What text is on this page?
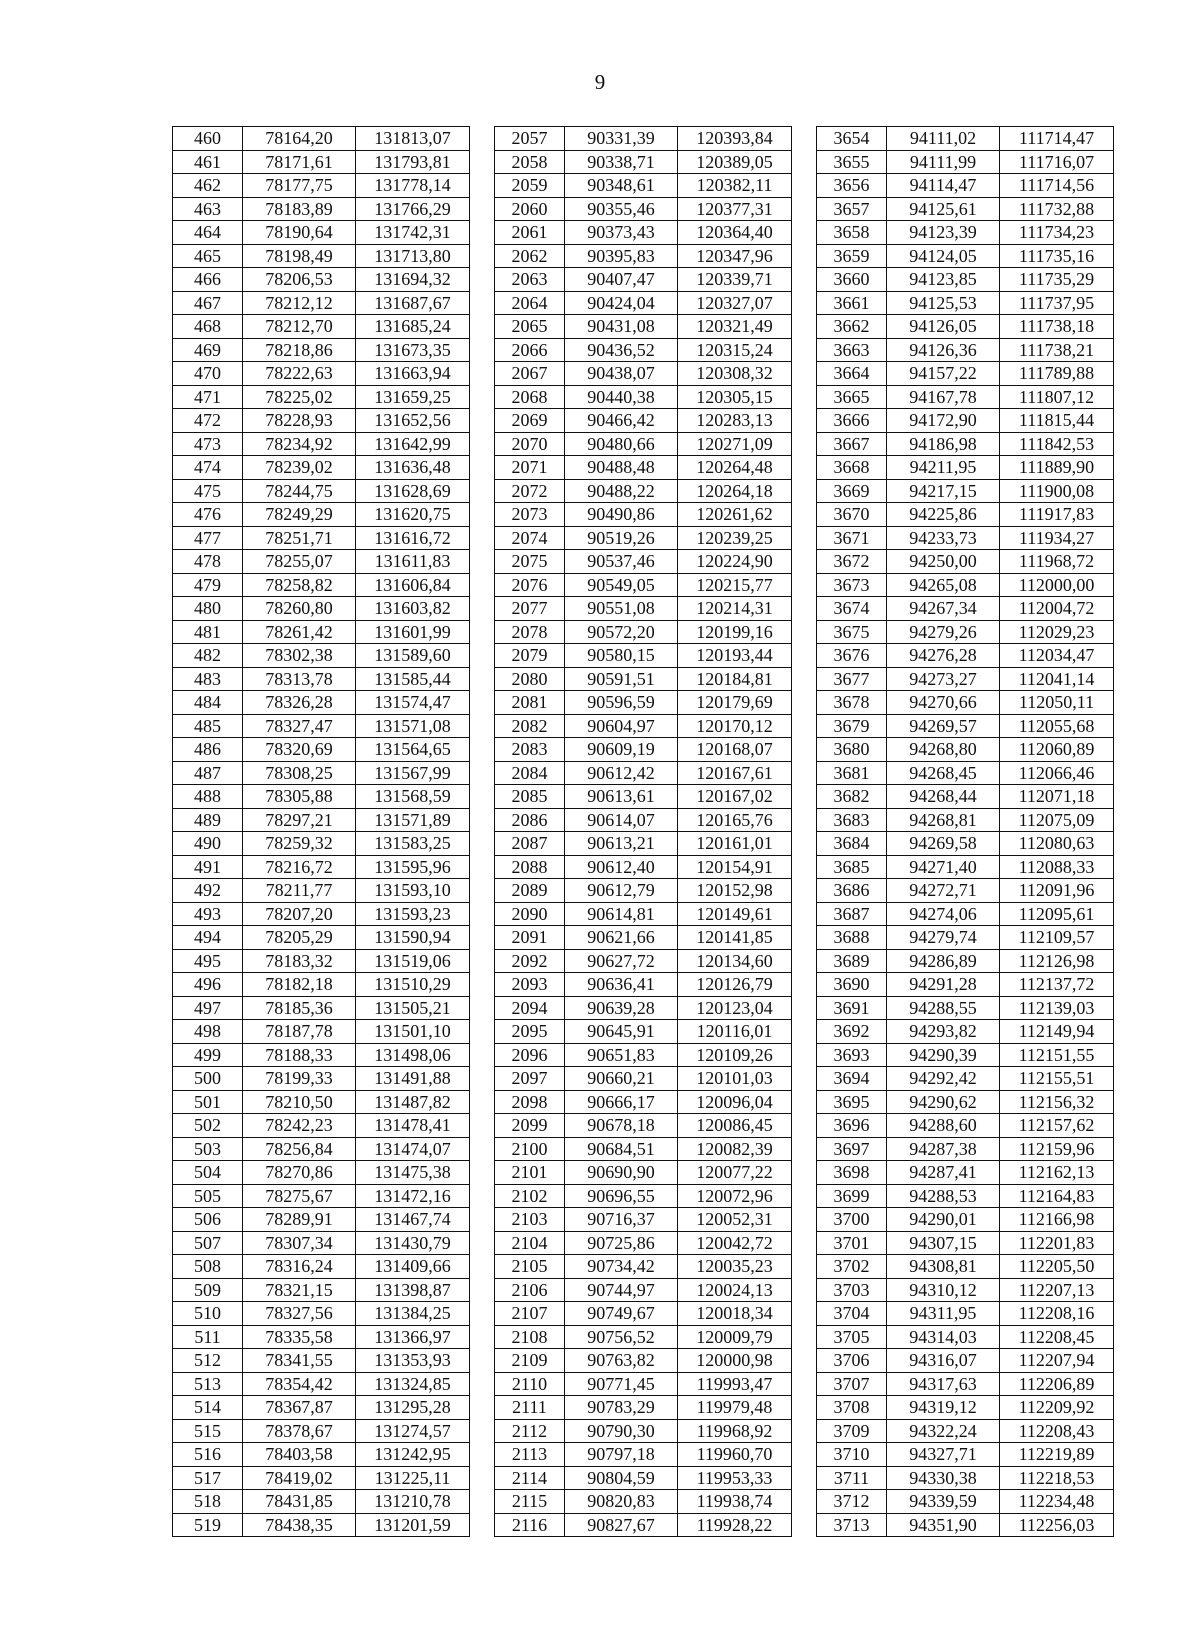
9
460	78164,20	131813,07		2057	90331,39	120393,84		3654	94111,02	111714,47
461	78171,61	131793,81		2058	90338,71	120389,05		3655	94111,99	111716,07
462	78177,75	131778,14		2059	90348,61	120382,11		3656	94114,47	111714,56
463	78183,89	131766,29		2060	90355,46	120377,31		3657	94125,61	111732,88
464	78190,64	131742,31		2061	90373,43	120364,40		3658	94123,39	111734,23
465	78198,49	131713,80		2062	90395,83	120347,96		3659	94124,05	111735,16
466	78206,53	131694,32		2063	90407,47	120339,71		3660	94123,85	111735,29
467	78212,12	131687,67		2064	90424,04	120327,07		3661	94125,53	111737,95
468	78212,70	131685,24		2065	90431,08	120321,49		3662	94126,05	111738,18
469	78218,86	131673,35		2066	90436,52	120315,24		3663	94126,36	111738,21
470	78222,63	131663,94		2067	90438,07	120308,32		3664	94157,22	111789,88
471	78225,02	131659,25		2068	90440,38	120305,15		3665	94167,78	111807,12
472	78228,93	131652,56		2069	90466,42	120283,13		3666	94172,90	111815,44
473	78234,92	131642,99		2070	90480,66	120271,09		3667	94186,98	111842,53
474	78239,02	131636,48		2071	90488,48	120264,48		3668	94211,95	111889,90
475	78244,75	131628,69		2072	90488,22	120264,18		3669	94217,15	111900,08
476	78249,29	131620,75		2073	90490,86	120261,62		3670	94225,86	111917,83
477	78251,71	131616,72		2074	90519,26	120239,25		3671	94233,73	111934,27
478	78255,07	131611,83		2075	90537,46	120224,90		3672	94250,00	111968,72
479	78258,82	131606,84		2076	90549,05	120215,77		3673	94265,08	112000,00
480	78260,80	131603,82		2077	90551,08	120214,31		3674	94267,34	112004,72
481	78261,42	131601,99		2078	90572,20	120199,16		3675	94279,26	112029,23
482	78302,38	131589,60		2079	90580,15	120193,44		3676	94276,28	112034,47
483	78313,78	131585,44		2080	90591,51	120184,81		3677	94273,27	112041,14
484	78326,28	131574,47		2081	90596,59	120179,69		3678	94270,66	112050,11
485	78327,47	131571,08		2082	90604,97	120170,12		3679	94269,57	112055,68
486	78320,69	131564,65		2083	90609,19	120168,07		3680	94268,80	112060,89
487	78308,25	131567,99		2084	90612,42	120167,61		3681	94268,45	112066,46
488	78305,88	131568,59		2085	90613,61	120167,02		3682	94268,44	112071,18
489	78297,21	131571,89		2086	90614,07	120165,76		3683	94268,81	112075,09
490	78259,32	131583,25		2087	90613,21	120161,01		3684	94269,58	112080,63
491	78216,72	131595,96		2088	90612,40	120154,91		3685	94271,40	112088,33
492	78211,77	131593,10		2089	90612,79	120152,98		3686	94272,71	112091,96
493	78207,20	131593,23		2090	90614,81	120149,61		3687	94274,06	112095,61
494	78205,29	131590,94		2091	90621,66	120141,85		3688	94279,74	112109,57
495	78183,32	131519,06		2092	90627,72	120134,60		3689	94286,89	112126,98
496	78182,18	131510,29		2093	90636,41	120126,79		3690	94291,28	112137,72
497	78185,36	131505,21		2094	90639,28	120123,04		3691	94288,55	112139,03
498	78187,78	131501,10		2095	90645,91	120116,01		3692	94293,82	112149,94
499	78188,33	131498,06		2096	90651,83	120109,26		3693	94290,39	112151,55
500	78199,33	131491,88		2097	90660,21	120101,03		3694	94292,42	112155,51
501	78210,50	131487,82		2098	90666,17	120096,04		3695	94290,62	112156,32
502	78242,23	131478,41		2099	90678,18	120086,45		3696	94288,60	112157,62
503	78256,84	131474,07		2100	90684,51	120082,39		3697	94287,38	112159,96
504	78270,86	131475,38		2101	90690,90	120077,22		3698	94287,41	112162,13
505	78275,67	131472,16		2102	90696,55	120072,96		3699	94288,53	112164,83
506	78289,91	131467,74		2103	90716,37	120052,31		3700	94290,01	112166,98
507	78307,34	131430,79		2104	90725,86	120042,72		3701	94307,15	112201,83
508	78316,24	131409,66		2105	90734,42	120035,23		3702	94308,81	112205,50
509	78321,15	131398,87		2106	90744,97	120024,13		3703	94310,12	112207,13
510	78327,56	131384,25		2107	90749,67	120018,34		3704	94311,95	112208,16
511	78335,58	131366,97		2108	90756,52	120009,79		3705	94314,03	112208,45
512	78341,55	131353,93		2109	90763,82	120000,98		3706	94316,07	112207,94
513	78354,42	131324,85		2110	90771,45	119993,47		3707	94317,63	112206,89
514	78367,87	131295,28		2111	90783,29	119979,48		3708	94319,12	112209,92
515	78378,67	131274,57		2112	90790,30	119968,92		3709	94322,24	112208,43
516	78403,58	131242,95		2113	90797,18	119960,70		3710	94327,71	112219,89
517	78419,02	131225,11		2114	90804,59	119953,33		3711	94330,38	112218,53
518	78431,85	131210,78		2115	90820,83	119938,74		3712	94339,59	112234,48
519	78438,35	131201,59		2116	90827,67	119928,22		3713	94351,90	112256,03
